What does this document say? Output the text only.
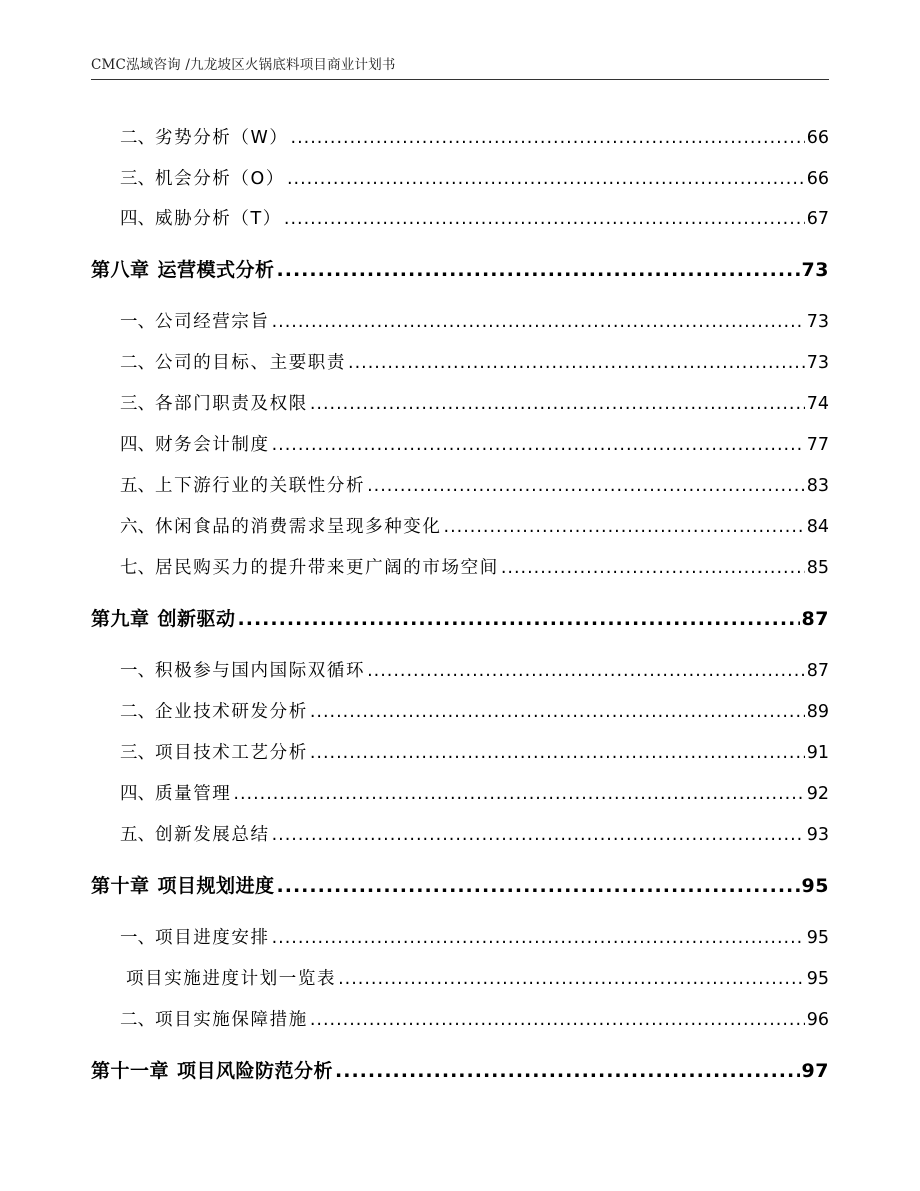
CMC泓域咨询 /九龙坡区火锅底料项目商业计划书
二、 劣势分析（W） .....	66
三、 机会分析（O） .....	66
四、 威胁分析（T） .....	67
第八章 运营模式分析 .....	73
一、 公司经营宗旨 .....	73
二、 公司的目标、主要职责 .....	73
三、 各部门职责及权限 .....	74
四、 财务会计制度 .....	77
五、 上下游行业的关联性分析 .....	83
六、 休闲食品的消费需求呈现多种变化 .....	84
七、 居民购买力的提升带来更广阔的市场空间 .....	85
第九章 创新驱动 .....	87
一、 积极参与国内国际双循环 .....	87
二、 企业技术研发分析 .....	89
三、 项目技术工艺分析 .....	91
四、 质量管理 .....	92
五、 创新发展总结 .....	93
第十章 项目规划进度 .....	95
一、 项目进度安排 .....	95
项目实施进度计划一览表 .....	95
二、 项目实施保障措施 .....	96
第十一章 项目风险防范分析 .....	97
